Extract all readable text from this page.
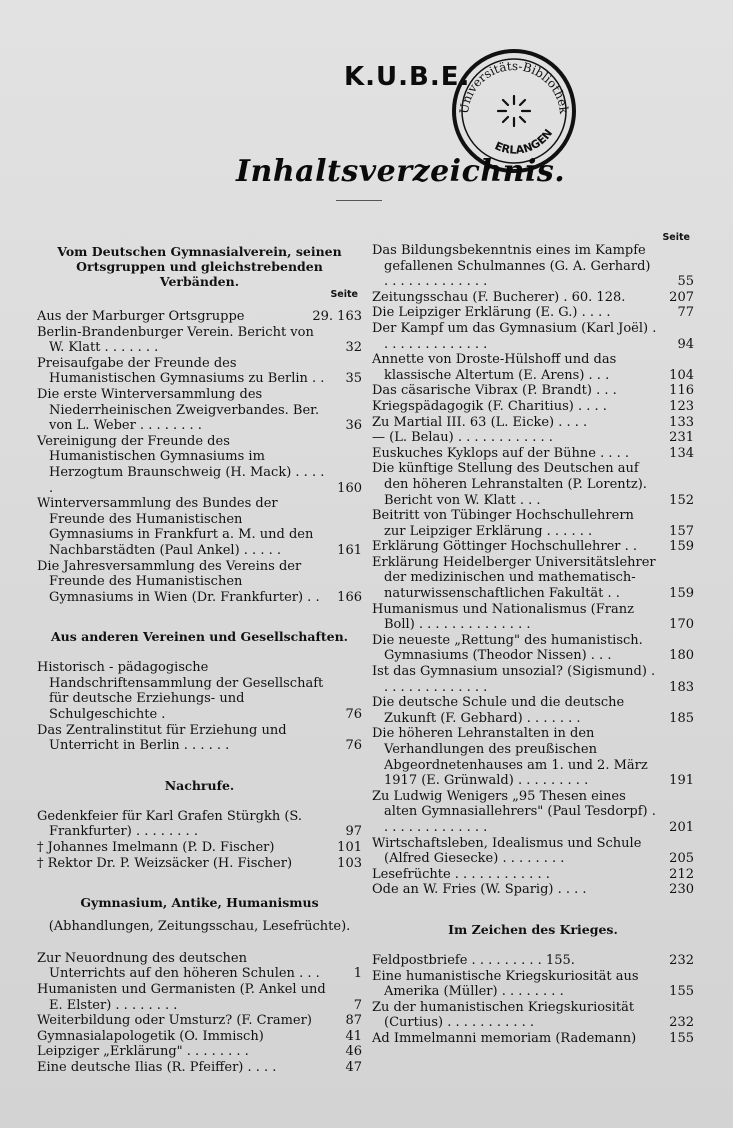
K.U.B.E.
Universitäts-Bibliothek
ERLANGEN
Inhaltsverzeichnis.
Vom Deutschen Gymnasialverein, seinen Ortsgruppen und gleichstrebenden Verbänden.
Seite
Aus der Marburger Ortsgruppe	29. 163
Berlin-Brandenburger Verein. Bericht von W. Klatt . . . . . . .	32
Preisaufgabe der Freunde des Humanistischen Gymnasiums zu Berlin . .	35
Die erste Winterversammlung des Niederrheinischen Zweigverbandes. Ber. von L. Weber . . . . . . . .	36
Vereinigung der Freunde des Humanistischen Gymnasiums im Herzogtum Braunschweig (H. Mack) . . . . .	160
Winterversammlung des Bundes der Freunde des Humanistischen Gymnasiums in Frankfurt a. M. und den Nachbarstädten (Paul Ankel) . . . . .	161
Die Jahresversammlung des Vereins der Freunde des Humanistischen Gymnasiums in Wien (Dr. Frankfurter) . . 166
Aus anderen Vereinen und Gesellschaften.
Historisch - pädagogische Handschriftensammlung der Gesellschaft für deutsche Erziehungs- und Schulgeschichte .	76
Das Zentralinstitut für Erziehung und Unterricht in Berlin . . . . . .	76
Nachrufe.
Gedenkfeier für Karl Grafen Stürgkh (S. Frankfurter) . . . . . . . .	97
† Johannes Imelmann (P. D. Fischer)	101
† Rektor Dr. P. Weizsäcker (H. Fischer)	103
Gymnasium, Antike, Humanismus
(Abhandlungen, Zeitungsschau, Lesefrüchte).
Zur Neuordnung des deutschen Unterrichts auf den höheren Schulen . . .	1
Humanisten und Germanisten (P. Ankel und E. Elster) . . . . . . . .	7
Weiterbildung oder Umsturz? (F. Cramer)	87
Gymnasialapologetik (O. Immisch)	41
Leipziger „Erklärung" . . . . . . . .	46
Eine deutsche Ilias (R. Pfeiffer) . . . .	47
Seite
Das Bildungsbekenntnis eines im Kampfe gefallenen Schulmannes (G. A. Gerhard) . . . . . . . . . . . . .	55
Zeitungsschau (F. Bucherer) . 60. 128.	207
Die Leipziger Erklärung (E. G.) . . . .	77
Der Kampf um das Gymnasium (Karl Joël) . . . . . . . . . . . . . .	94
Annette von Droste-Hülshoff und das klassische Altertum (E. Arens) . . .	104
Das cäsarische Vibrax (P. Brandt) . . .	116
Kriegspädagogik (F. Charitius) . . . .	123
Zu Martial III. 63 (L. Eicke) . . . .	133
— (L. Belau) . . . . . . . . . . . .	231
Euskuches Kyklops auf der Bühne . . . .	134
Die künftige Stellung des Deutschen auf den höheren Lehranstalten (P. Lorentz). Bericht von W. Klatt . . .	152
Beitritt von Tübinger Hochschullehrern zur Leipziger Erklärung . . . . . .	157
Erklärung Göttinger Hochschullehrer . . 159
Erklärung Heidelberger Universitätslehrer der medizinischen und mathematisch-naturwissenschaftlichen Fakultät . .	159
Humanismus und Nationalismus (Franz Boll) . . . . . . . . . . . . . .	170
Die neueste „Rettung" des humanistisch. Gymnasiums (Theodor Nissen) . . .	180
Ist das Gymnasium unsozial? (Sigismund) . . . . . . . . . . . . . .	183
Die deutsche Schule und die deutsche Zukunft (F. Gebhard) . . . . . . .	185
Die höheren Lehranstalten in den Verhandlungen des preußischen Abgeordnetenhauses am 1. und 2. März 1917 (E. Grünwald) . . . . . . . . .	191
Zu Ludwig Wenigers „95 Thesen eines alten Gymnasiallehrers" (Paul Tesdorpf) . . . . . . . . . . . . . .	201
Wirtschaftsleben, Idealismus und Schule (Alfred Giesecke) . . . . . . . .	205
Lesefrüchte . . . . . . . . . . . .	212
Ode an W. Fries (W. Sparig) . . . .	230
Im Zeichen des Krieges.
Feldpostbriefe . . . . . . . . . 155.	232
Eine humanistische Kriegskuriosität aus Amerika (Müller) . . . . . . . .	155
Zu der humanistischen Kriegskuriosität (Curtius) . . . . . . . . . . .	232
Ad Immelmanni memoriam (Rademann)	155
